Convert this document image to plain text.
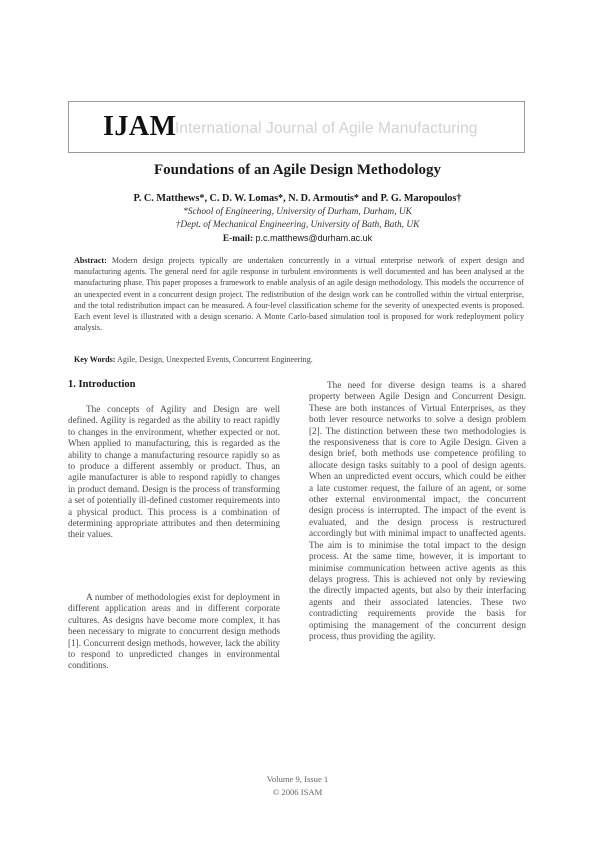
IJAM
International Journal of Agile Manufacturing
Foundations of an Agile Design Methodology
P. C. Matthews*, C. D. W. Lomas*, N. D. Armoutis* and P. G. Maropoulos†
*School of Engineering, University of Durham, Durham, UK
†Dept. of Mechanical Engineering, University of Bath, Bath, UK
E-mail: p.c.matthews@durham.ac.uk

Abstract: Modern design projects typically are undertaken concurrently in a virtual enterprise network of expert design and manufacturing agents. The general need for agile response in turbulent environments is well documented and has been analysed at the manufacturing phase. This paper proposes a framework to enable analysis of an agile design methodology. This models the occurrence of an unexpected event in a concurrent design project. The redistribution of the design work can be controlled within the virtual enterprise, and the total redistribution impact can be measured. A four-level classification scheme for the severity of unexpected events is proposed. Each event level is illustrated with a design scenario. A Monte Carlo-based simulation tool is proposed for work redeployment policy analysis.

Key Words: Agile, Design, Unexpected Events, Concurrent Engineering.

1. Introduction

The concepts of Agility and Design are well defined. Agility is regarded as the ability to react rapidly to changes in the environment, whether expected or not. When applied to manufacturing, this is regarded as the ability to change a manufacturing resource rapidly so as to produce a different assembly or product. Thus, an agile manufacturer is able to respond rapidly to changes in product demand. Design is the process of transforming a set of potentially ill-defined customer requirements into a physical product. This process is a combination of determining appropriate attributes and then determining their values.

A number of methodologies exist for deployment in different application areas and in different corporate cultures. As designs have become more complex, it has been necessary to migrate to concurrent design methods [1]. Concurrent design methods, however, lack the ability to respond to unpredicted changes in environmental conditions.

The need for diverse design teams is a shared property between Agile Design and Concurrent Design. These are both instances of Virtual Enterprises, as they both lever resource networks to solve a design problem [2]. The distinction between these two methodologies is the responsiveness that is core to Agile Design. Given a design brief, both methods use competence profiling to allocate design tasks suitably to a pool of design agents. When an unpredicted event occurs, which could be either a late customer request, the failure of an agent, or some other external environmental impact, the concurrent design process is interrupted. The impact of the event is evaluated, and the design process is restructured accordingly but with minimal impact to unaffected agents. The aim is to minimise the total impact to the design process. At the same time, however, it is important to minimise communication between active agents as this delays progress. This is achieved not only by reviewing the directly impacted agents, but also by their interfacing agents and their associated latencies. These two contradicting requirements provide the basis for optimising the management of the concurrent design process, thus providing the agility.

Volume 9, Issue 1
© 2006 ISAM
